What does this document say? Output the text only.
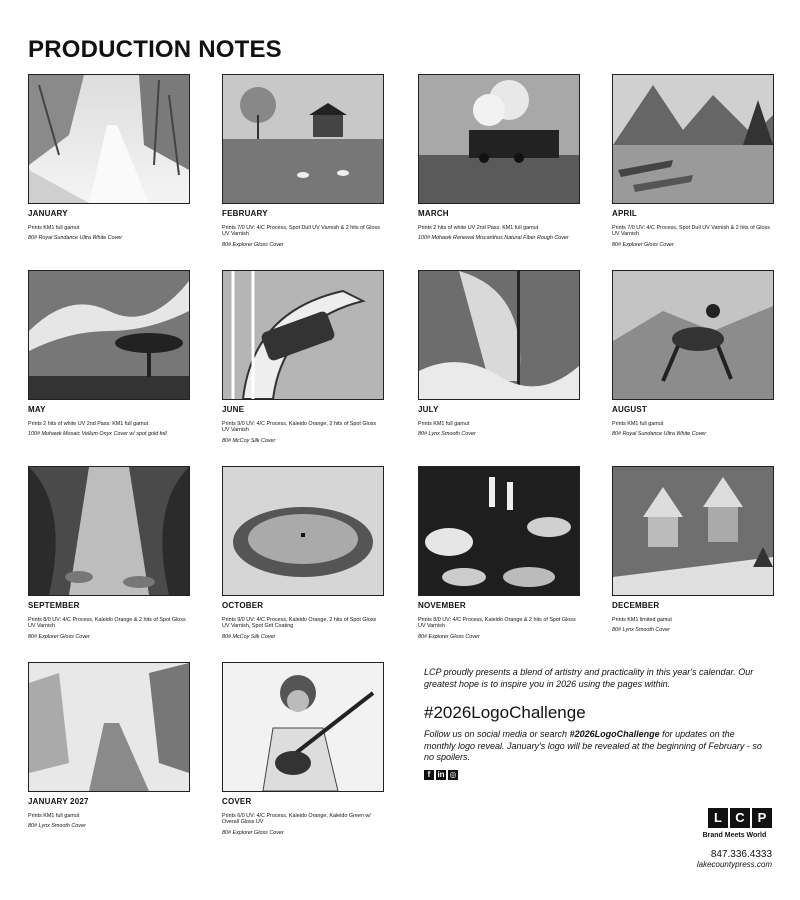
PRODUCTION NOTES
JANUARY
Prints KM1 full gamut
80# Royal Sundance Ultra White Cover
FEBRUARY
Prints 7/0 UV: 4/C Process, Spot Dull UV Varnish & 2 hits of Gloss UV Varnish
80# Explorer Gloss Cover
MARCH
Prints 2 hits of white UV 2nd Pass: KM1 full gamut
100# Mohawk Renewal Miscanthus Natural Fiber Rough Cover
APRIL
Prints 7/0 UV: 4/C Process, Spot Dull UV Varnish & 2 hits of Gloss UV Varnish
80# Explorer Gloss Cover
MAY
Prints 2 hits of white UV 2nd Pass: KM1 full gamut
100# Mohawk Mosaic Vellum Onyx Cover w/ spot gold foil
JUNE
Prints 9/0 UV: 4/C Process, Kaleido Orange, 2 hits of Spot Gloss UV Varnish
80# McCoy Silk Cover
JULY
Prints KM1 full gamut
80# Lynx Smooth Cover
AUGUST
Prints KM1 full gamut
80# Royal Sundance Ultra White Cover
SEPTEMBER
Prints 8/0 UV: 4/C Process, Kaleido Orange & 2 hits of Spot Gloss UV Varnish
80# Explorer Gloss Cover
OCTOBER
Prints 9/0 UV: 4/C Process, Kaleido Orange, 2 hits of Spot Gloss UV Varnish, Spot Grit Coating
80# McCoy Silk Cover
NOVEMBER
Prints 8/0 UV: 4/C Process, Kaleido Orange & 2 hits of Spot Gloss UV Varnish
80# Explorer Gloss Cover
DECEMBER
Prints KM1 limited gamut
80# Lynx Smooth Cover
JANUARY 2027
Prints KM1 full gamut
80# Lynx Smooth Cover
COVER
Prints 6/0 UV: 4/C Process, Kaleido Orange, Kaleido Green w/ Overall Gloss UV
80# Explorer Gloss Cover
LCP proudly presents a blend of artistry and practicality in this year's calendar. Our greatest hope is to inspire you in 2026 using the pages within.
#2026LogoChallenge
Follow us on social media or search #2026LogoChallenge for updates on the monthly logo reveal. January's logo will be revealed at the beginning of February - so no spoilers.
f in ◎
L	C P
Brand Meets World
847.336.4333
lakecountypress.com
